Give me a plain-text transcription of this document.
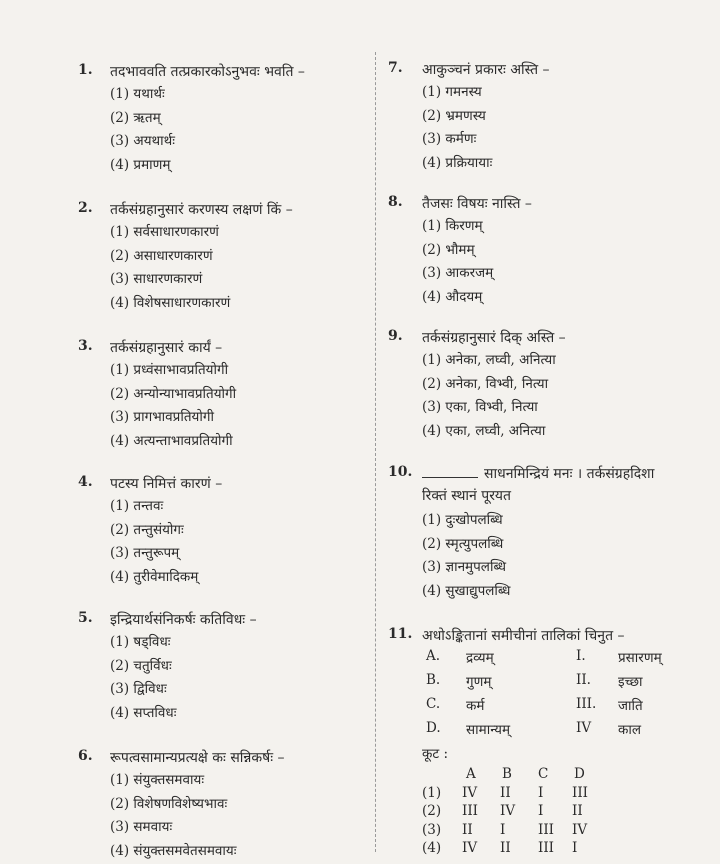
1. तदभाववति तत्प्रकारकोऽनुभवः भवति –
(1) यथार्थः
(2) ऋतम्
(3) अयथार्थः
(4) प्रमाणम्
2. तर्कसंग्रहानुसारं करणस्य लक्षणं किं –
(1) सर्वसाधारणकारणं
(2) असाधारणकारणं
(3) साधारणकारणं
(4) विशेषसाधारणकारणं
3. तर्कसंग्रहानुसारं कार्यं –
(1) प्रध्वंसाभावप्रतियोगी
(2) अन्योन्याभावप्रतियोगी
(3) प्रागभावप्रतियोगी
(4) अत्यन्ताभावप्रतियोगी
4. पटस्य निमित्तं कारणं –
(1) तन्तवः
(2) तन्तुसंयोगः
(3) तन्तुरूपम्
(4) तुरीवेमादिकम्
5. इन्द्रियार्थसंनिकर्षः कतिविधः –
(1) षड्विधः
(2) चतुर्विधः
(3) द्विविधः
(4) सप्तविधः
6. रूपत्वसामान्यप्रत्यक्षे कः सन्निकर्षः –
(1) संयुक्तसमवायः
(2) विशेषणविशेष्यभावः
(3) समवायः
(4) संयुक्तसमवेतसमवायः
7. आकुञ्चनं प्रकारः अस्ति –
(1) गमनस्य
(2) भ्रमणस्य
(3) कर्मणः
(4) प्रक्रियायाः
8. तैजसः विषयः नास्ति –
(1) किरणम्
(2) भौमम्
(3) आकरजम्
(4) औदयम्
9. तर्कसंग्रहानुसारं दिक् अस्ति –
(1) अनेका, लघ्वी, अनित्या
(2) अनेका, विभ्वी, नित्या
(3) एका, विभ्वी, नित्या
(4) एका, लघ्वी, अनित्या
10.	साधनमिन्द्रियं मनः । तर्कसंग्रहदिशा
रिक्तं स्थानं पूरयत
(1) दुःखोपलब्धि
(2) स्मृत्युपलब्धि
(3) ज्ञानमुपलब्धि
(4) सुखाद्युपलब्धि
11. अधोऽङ्कितानां समीचीनां तालिकां चिनुत –
A. द्रव्यम्	I. प्रसारणम्
B. गुणम्	II. इच्छा
C. कर्म	III. जाति
D. सामान्यम्	IV काल
कूट :
A B C D
(1) IV II I III
(2) III IV I II
(3) II I III IV
(4) IV II III I
